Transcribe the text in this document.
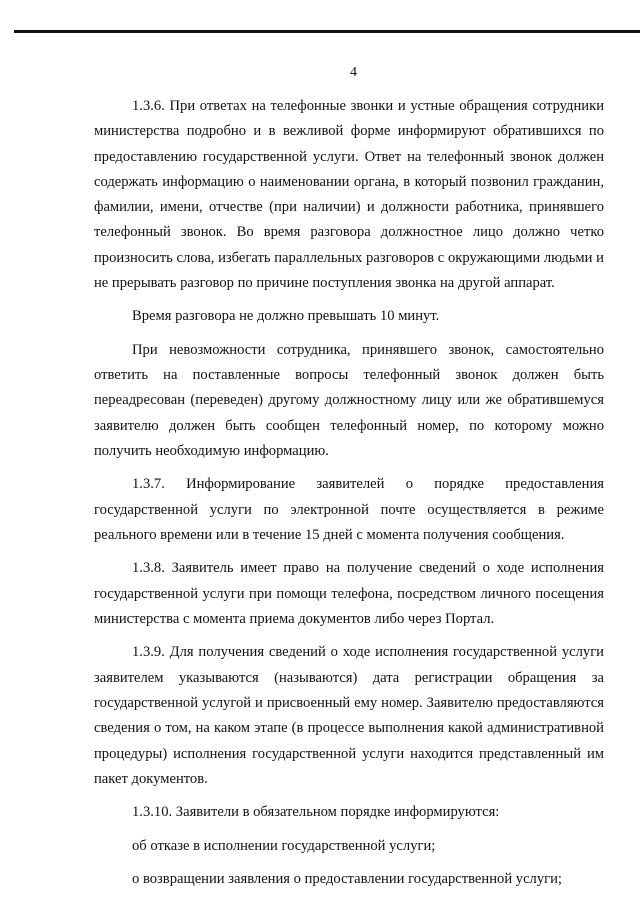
4

1.3.6. При ответах на телефонные звонки и устные обращения сотрудники министерства подробно и в вежливой форме информируют обратившихся по предоставлению государственной услуги. Ответ на телефонный звонок должен содержать информацию о наименовании органа, в который позвонил гражданин, фамилии, имени, отчестве (при наличии) и должности работника, принявшего телефонный звонок. Во время разговора должностное лицо должно четко произносить слова, избегать параллельных разговоров с окружающими людьми и не прерывать разговор по причине поступления звонка на другой аппарат.

Время разговора не должно превышать 10 минут.

При невозможности сотрудника, принявшего звонок, самостоятельно ответить на поставленные вопросы телефонный звонок должен быть переадресован (переведен) другому должностному лицу или же обратившемуся заявителю должен быть сообщен телефонный номер, по которому можно получить необходимую информацию.

1.3.7. Информирование заявителей о порядке предоставления государственной услуги по электронной почте осуществляется в режиме реального времени или в течение 15 дней с момента получения сообщения.

1.3.8. Заявитель имеет право на получение сведений о ходе исполнения государственной услуги при помощи телефона, посредством личного посещения министерства с момента приема документов либо через Портал.

1.3.9. Для получения сведений о ходе исполнения государственной услуги заявителем указываются (называются) дата регистрации обращения за государственной услугой и присвоенный ему номер. Заявителю предоставляются сведения о том, на каком этапе (в процессе выполнения какой административной процедуры) исполнения государственной услуги находится представленный им пакет документов.

1.3.10. Заявители в обязательном порядке информируются:

об отказе в исполнении государственной услуги;

о возвращении заявления о предоставлении государственной услуги;
